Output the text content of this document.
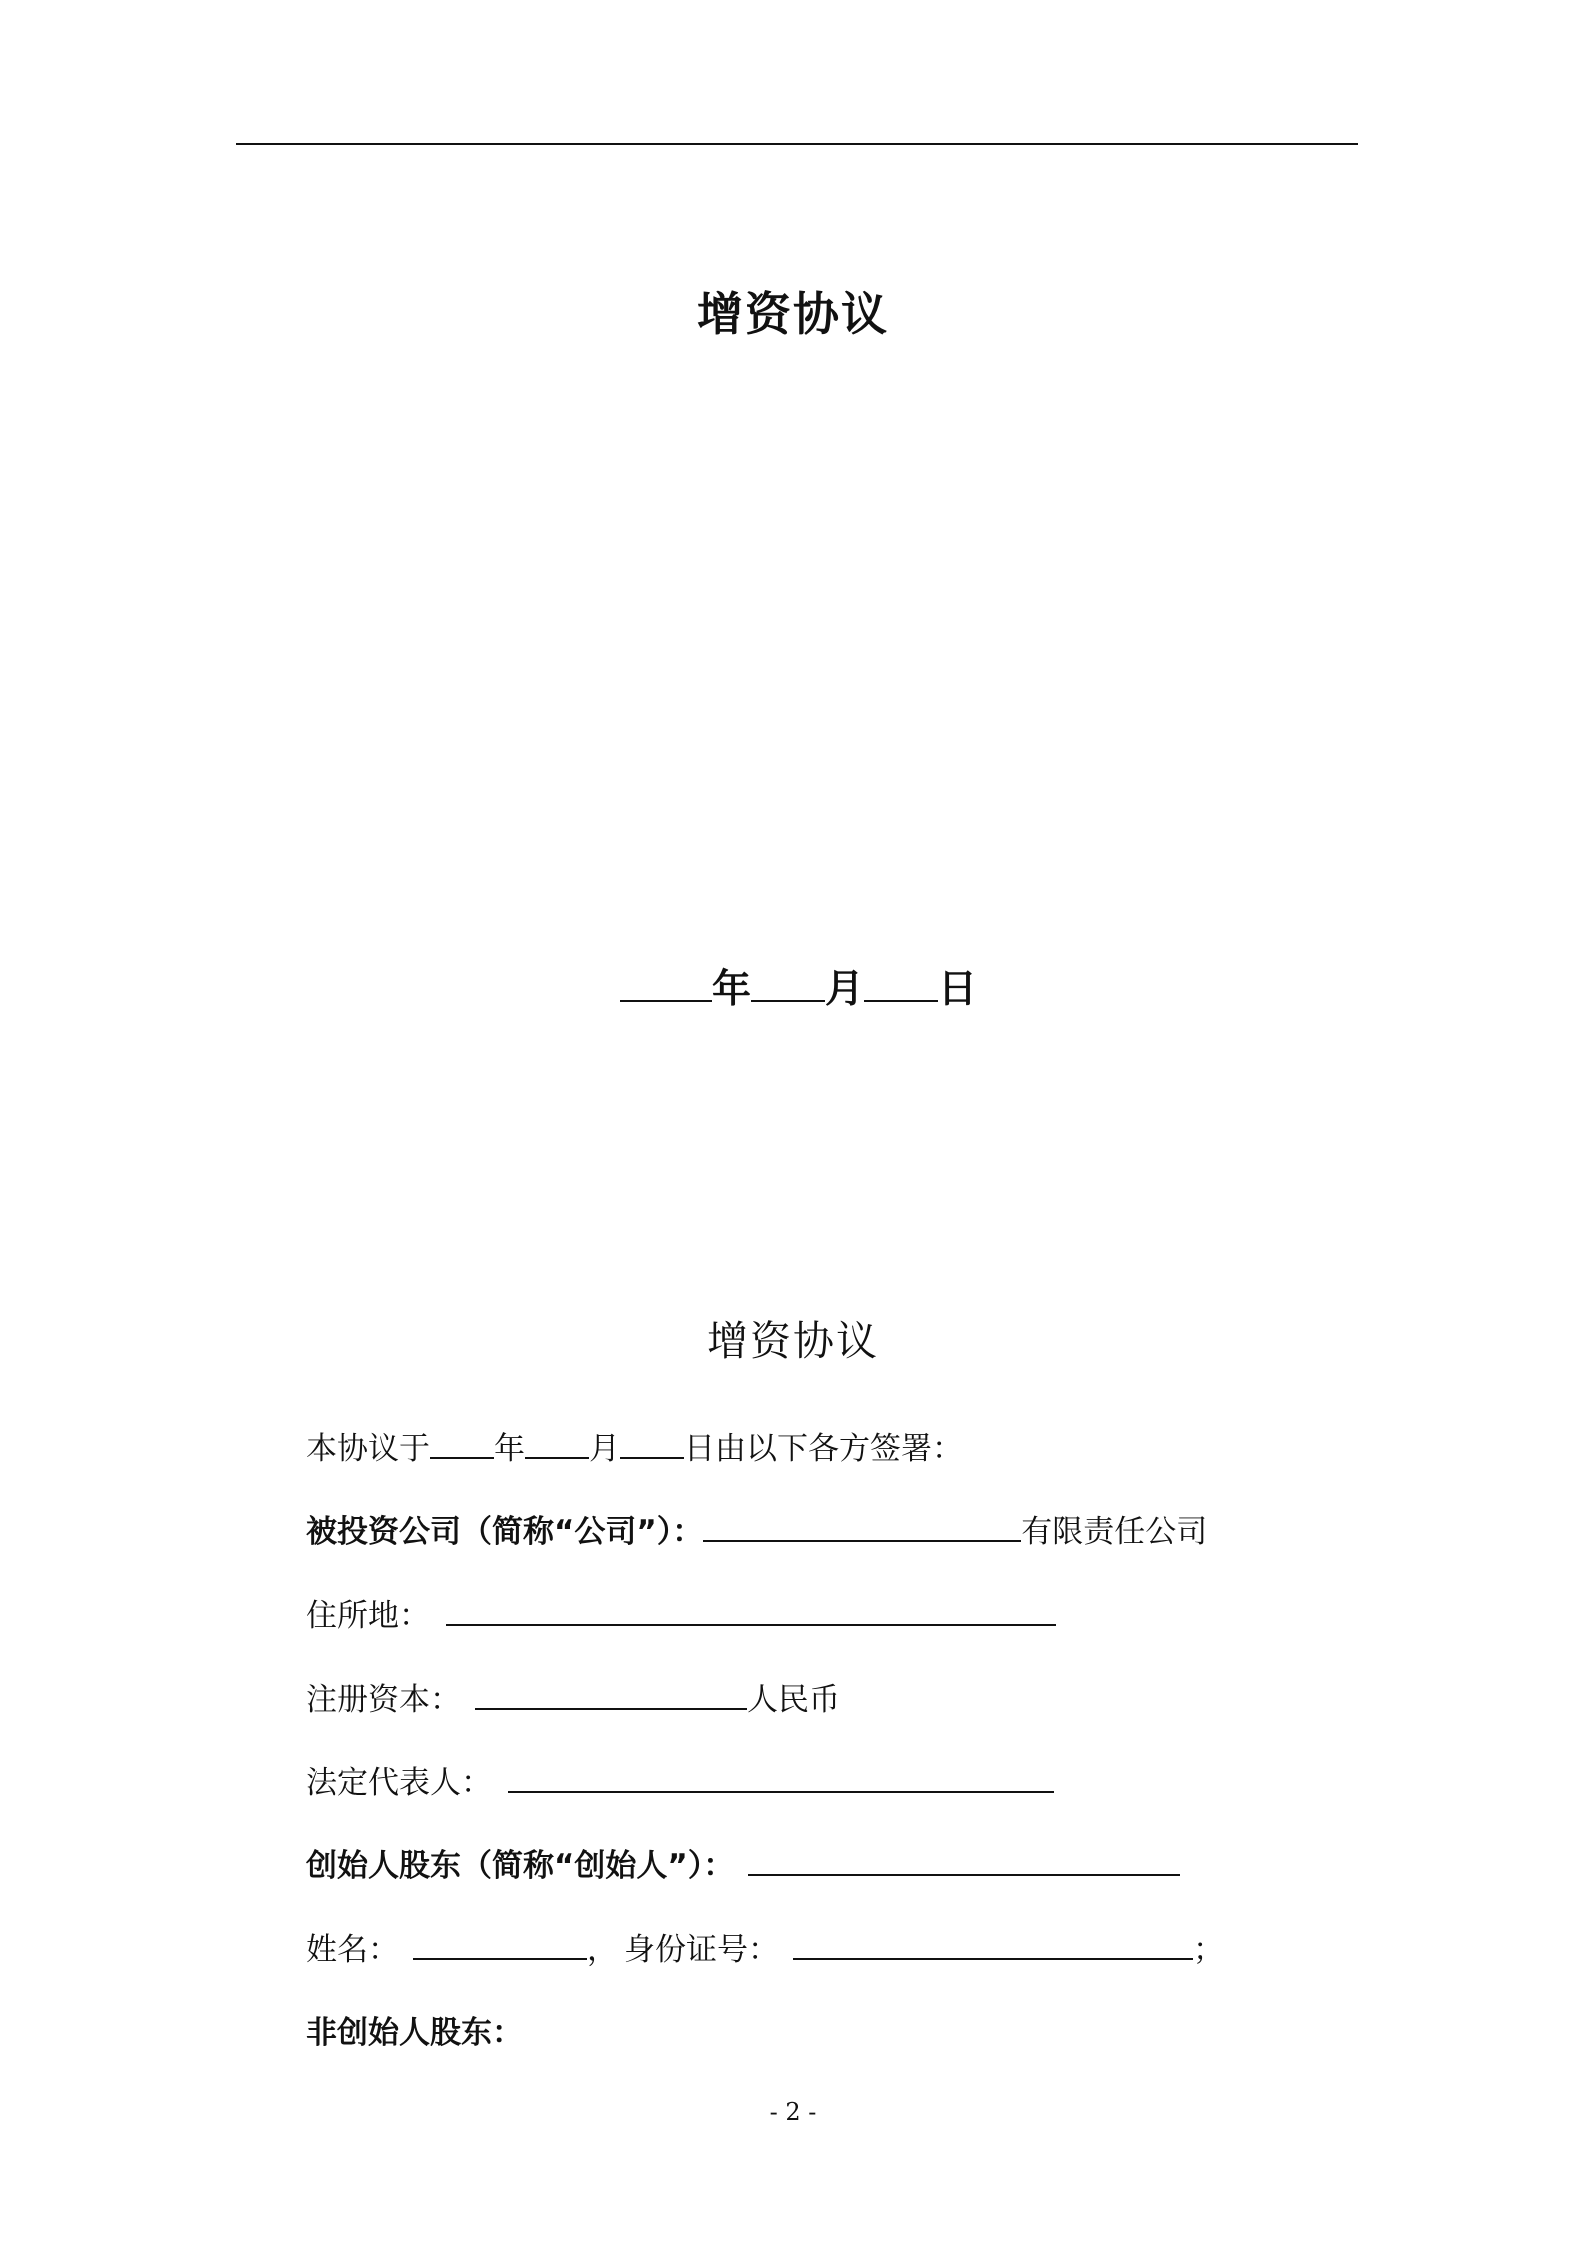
增资协议
年 月 日
增资协议
本协议于 年 月 日由以下各方签署：
被投资公司（简称“公司”）：	有限责任公司
住所地：
注册资本：	人民币
法定代表人：
创始人股东（简称“创始人”）：
姓名：	， 身份证号：	；
非创始人股东：
- 2 -
